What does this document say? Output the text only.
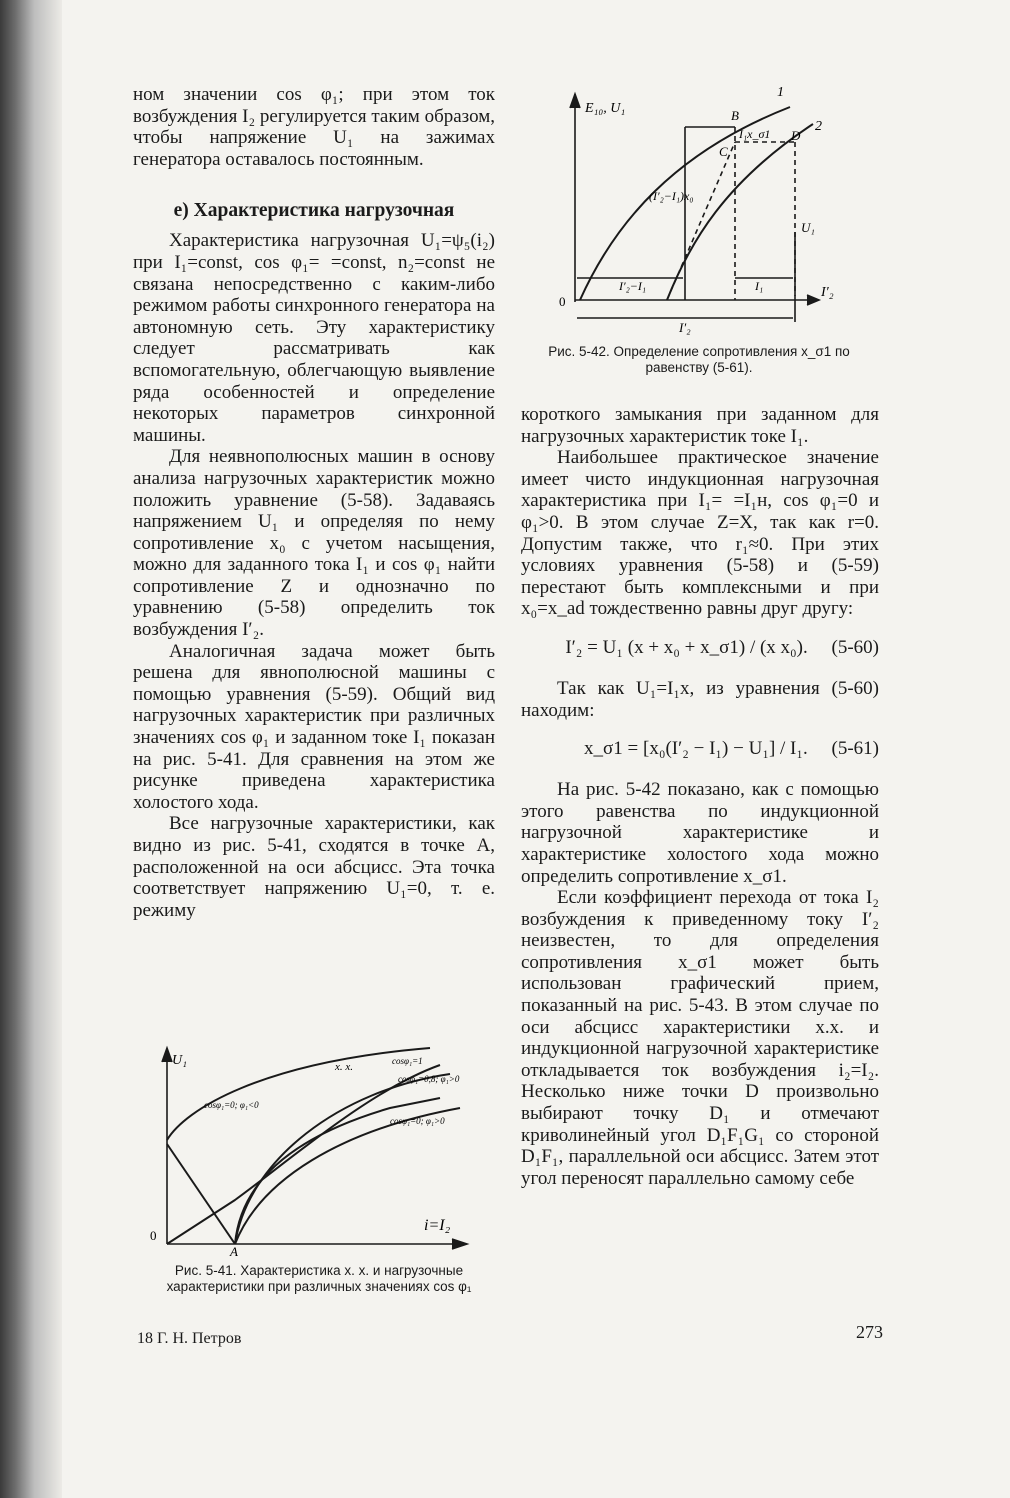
ном значении cos φ₁; при этом ток возбуждения I₂ регулируется таким образом, чтобы напряжение U₁ на зажимах генератора оставалось постоянным.

е) Характеристика нагрузочная

Характеристика нагрузочная U₁=ψ₅(i₂) при I₁=const, cos φ₁= =const, n₂=const не связана непосредственно с каким-либо режимом работы синхронного генератора на автономную сеть. Эту характеристику следует рассматривать как вспомогательную, облегчающую выявление ряда особенностей и определение некоторых параметров синхронной машины.

Для неявнополюсных машин в основу анализа нагрузочных характеристик можно положить уравнение (5-58). Задаваясь напряжением U₁ и определяя по нему сопротивление x₀ с учетом насыщения, можно для заданного тока I₁ и cos φ₁ найти сопротивление Z и однозначно по уравнению (5-58) определить ток возбуждения I′₂.

Аналогичная задача может быть решена для явнополюсной машины с помощью уравнения (5-59). Общий вид нагрузочных характеристик при различных значениях cos φ₁ и заданном токе I₁ показан на рис. 5-41. Для сравнения на этом же рисунке приведена характеристика холостого хода.

Все нагрузочные характеристики, как видно из рис. 5-41, сходятся в точке A, расположенной на оси абсцисс. Эта точка соответствует напряжению U₁=0, т. е. режиму

U₁
i=I₂
0
A
x. x.	cosφ₁=1
cosφ₁=0,8; φ₁>0
cosφ₁=0; φ₁<0
cosφ₁=0; φ₁>0
Рис. 5-41. Характеристика х. х. и нагрузочные характеристики при различных значениях cos φ₁
E₁₀, U₁
1
2
B
C
D
I₁x_σ1
(I′₂−I₁)x₀
U₁
I′₂−I₁	I₁	I′₂
I′₂
0
Рис. 5-42. Определение сопротивления x_σ1 по равенству (5-61).

короткого замыкания при заданном для нагрузочных характеристик токе I₁.

Наибольшее практическое значение имеет чисто индукционная нагрузочная характеристика при I₁= =I₁н, cos φ₁=0 и φ₁>0. В этом случае Z=X, так как r=0. Допустим также, что r₁≈0. При этих условиях уравнения (5-58) и (5-59) перестают быть комплексными и при x₀=x_ad тождественно равны друг другу:

I′₂ = U₁ (x + x₀ + x_σ1) / (x x₀). (5-60)

Так как U₁=I₁x, из уравнения (5-60) находим:

x_σ1 = [x₀(I′₂ − I₁) − U₁] / I₁. (5-61)

На рис. 5-42 показано, как с помощью этого равенства по индукционной нагрузочной характеристике и характеристике холостого хода можно определить сопротивление x_σ1.

Если коэффициент перехода от тока I₂ возбуждения к приведенному току I′₂ неизвестен, то для определения сопротивления x_σ1 может быть использован графический прием, показанный на рис. 5-43. В этом случае по оси абсцисс характеристики х.х. и индукционной нагрузочной характеристике откладывается ток возбуждения i₂=I₂. Несколько ниже точки D произвольно выбирают точку D₁ и отмечают криволинейный угол D₁F₁G₁ со стороной D₁F₁, параллельной оси абсцисс. Затем этот угол переносят параллельно самому себе

18 Г. Н. Петров	273
